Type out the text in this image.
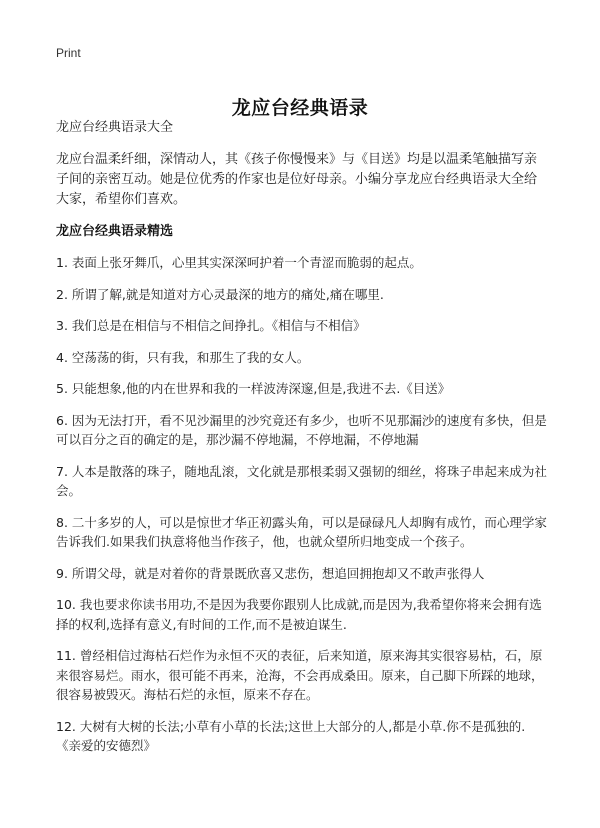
Print
龙应台经典语录

龙应台经典语录大全

龙应台温柔纤细，深情动人，其《孩子你慢慢来》与《目送》均是以温柔笔触描写亲子间的亲密互动。她是位优秀的作家也是位好母亲。小编分享龙应台经典语录大全给大家，希望你们喜欢。

龙应台经典语录精选

1. 表面上张牙舞爪，心里其实深深呵护着一个青涩而脆弱的起点。
2. 所谓了解,就是知道对方心灵最深的地方的痛处,痛在哪里.
3. 我们总是在相信与不相信之间挣扎。《相信与不相信》
4. 空荡荡的街，只有我，和那生了我的女人。
5. 只能想象,他的内在世界和我的一样波涛深邃,但是,我进不去.《目送》
6. 因为无法打开，看不见沙漏里的沙究竟还有多少，也听不见那漏沙的速度有多快，但是可以百分之百的确定的是，那沙漏不停地漏，不停地漏，不停地漏
7. 人本是散落的珠子，随地乱滚，文化就是那根柔弱又强韧的细丝，将珠子串起来成为社会。
8. 二十多岁的人，可以是惊世才华正初露头角，可以是碌碌凡人却胸有成竹，而心理学家告诉我们.如果我们执意将他当作孩子，他，也就众望所归地变成一个孩子。
9. 所谓父母，就是对着你的背景既欣喜又悲伤，想追回拥抱却又不敢声张得人
10. 我也要求你读书用功,不是因为我要你跟别人比成就,而是因为,我希望你将来会拥有选择的权利,选择有意义,有时间的工作,而不是被迫谋生.
11. 曾经相信过海枯石烂作为永恒不灭的表征，后来知道，原来海其实很容易枯，石，原来很容易烂。雨水，很可能不再来，沧海，不会再成桑田。原来，自己脚下所踩的地球，很容易被毁灭。海枯石烂的永恒，原来不存在。
12. 大树有大树的长法;小草有小草的长法;这世上大部分的人,都是小草.你不是孤独的.《亲爱的安德烈》
